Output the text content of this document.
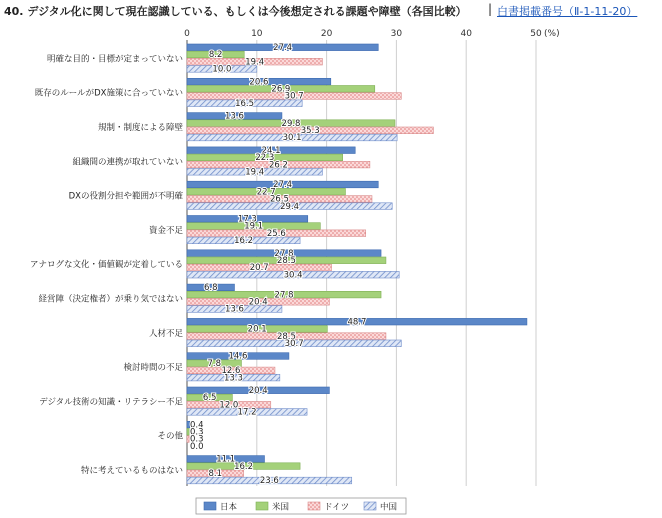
40. デジタル化に関して現在認識している、もしくは今後想定される課題や障壁（各国比較） | 白書掲載番号（Ⅱ-1-11-20）
0	10	20	30	40	50 (%)
明確な目的・目標が定まっていない
27.4
8.2
19.4
10.0
既存のルールがDX施策に合っていない
20.6
26.9
30.7
16.5
規制・制度による障壁
13.6
29.8
35.3
30.1
組織間の連携が取れていない
24.1
22.3
26.2
19.4
DXの役割分担や範囲が不明確
27.4
22.7
26.5
29.4
資金不足
17.3
19.1
25.6
16.2
アナログな文化・価値観が定着している
27.8
28.5
20.7
30.4
経営陣（決定権者）が乗り気ではない
6.8
27.8
20.4
13.6
人材不足
48.7
20.1
28.5
30.7
検討時間の不足
14.6
7.8
12.6
13.3
デジタル技術の知識・リテラシー不足
20.4
6.5
12.0
17.2
その他
0.4
0.3
0.3
0.0
特に考えているものはない
11.1
16.2
8.1
23.6
日本	米国	ドイツ	中国
